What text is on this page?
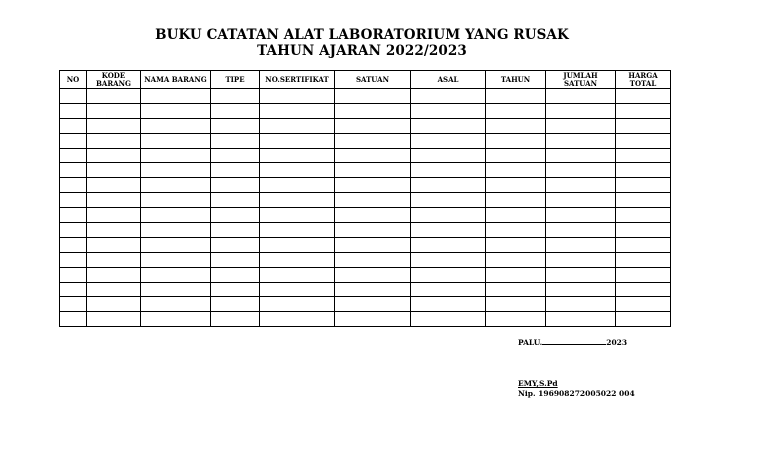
BUKU CATATAN ALAT LABORATORIUM YANG RUSAK
TAHUN AJARAN 2022/2023
NO	KODE BARANG	NAMA BARANG	TIPE	NO.SERTIFIKAT	SATUAN	ASAL	TAHUN	JUMLAH SATUAN	HARGA TOTAL

PALU.	2023
EMY,S.Pd
Nip. 196908272005022 004
